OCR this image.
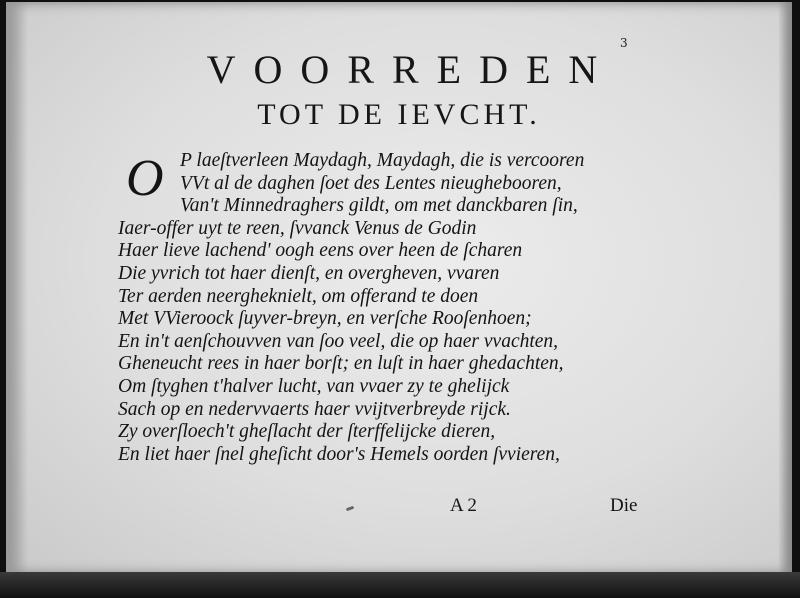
3
VOORREDEN
TOT DE IEVCHT.
O P laeſtverleen Maydagh, Maydagh, die is vercooren
VVt al de daghen ſoet des Lentes nieughebooren,
Van't Minnedraghers gildt, om met danckbaren ſin,
Iaer-offer uyt te reen, ſvvanck Venus de Godin
Haer lieve lachend' oogh eens over heen de ſcharen
Die yvrich tot haer dienſt, en overgheven, vvaren
Ter aerden neergheknielt, om offerand te doen
Met VVieroock ſuyver-breyn, en verſche Rooſenhoen;
En in't aenſchouvven van ſoo veel, die op haer vvachten,
Gheneucht rees in haer borſt; en luſt in haer ghedachten,
Om ſtyghen t'halver lucht, van vvaer zy te ghelijck
Sach op en nedervvaerts haer vvijtverbreyde rijck.
Zy overſloech't gheſlacht der ſterffelijcke dieren,
En liet haer ſnel gheſicht door's Hemels oorden ſvvieren,
A 2	Die
